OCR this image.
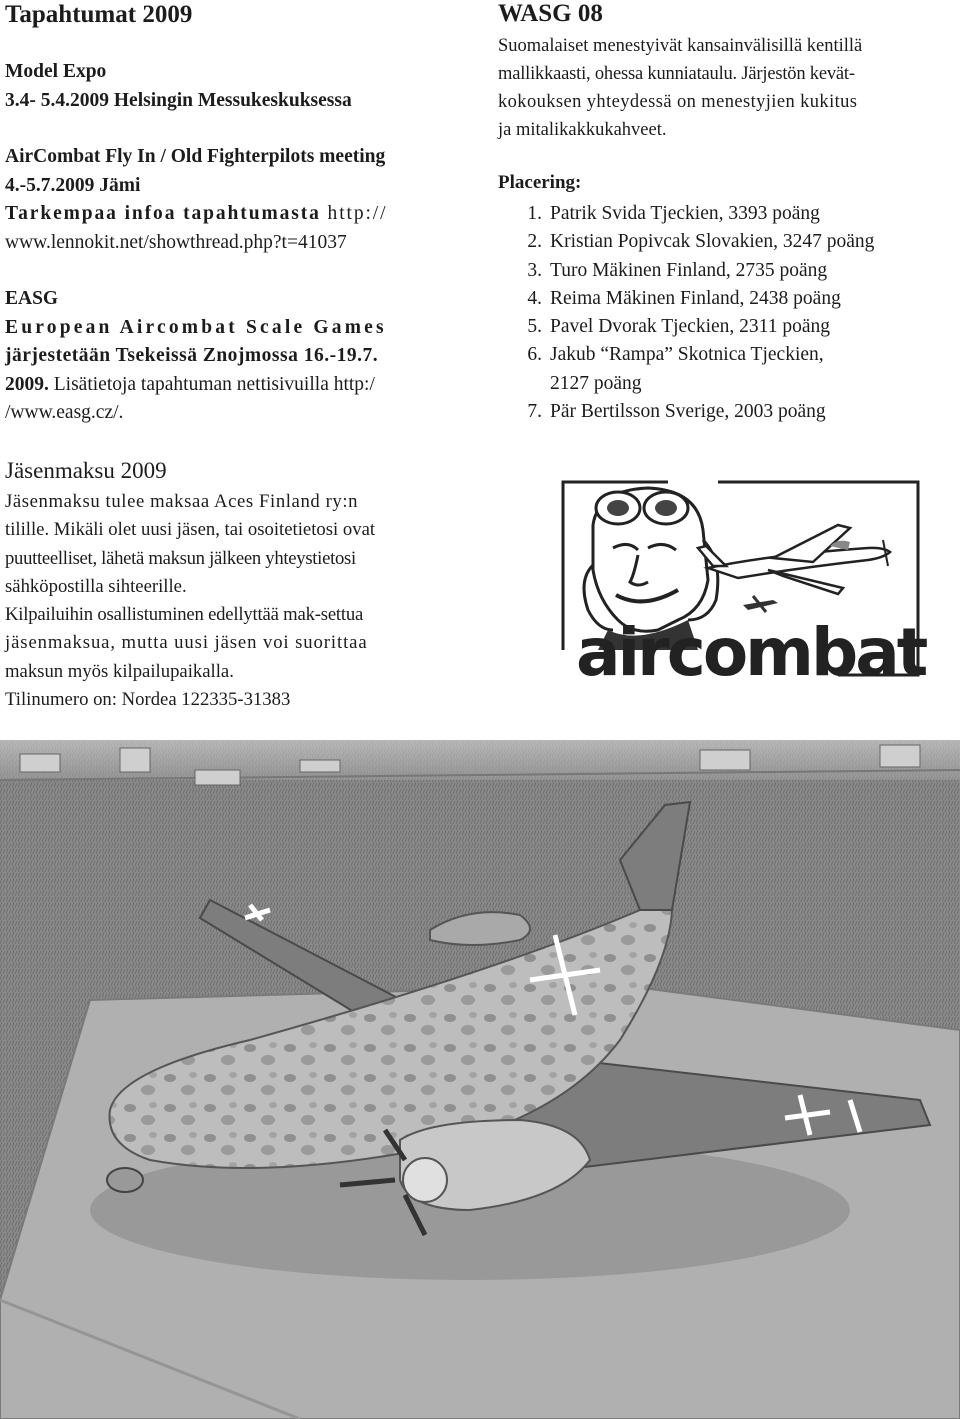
Tapahtumat 2009

Model Expo

3.4- 5.4.2009 Helsingin Messukeskuksessa

AirCombat Fly In / Old Fighterpilots meeting

4.-5.7.2009 Jämi

Tarkempaa infoa tapahtumasta http://

www.lennokit.net/showthread.php?t=41037

EASG

European Aircombat Scale Games

järjestetään Tsekeissä Znojmossa 16.-19.7.

2009. Lisätietoja tapahtuman nettisivuilla http:/

/www.easg.cz/.

Jäsenmaksu 2009

Jäsenmaksu tulee maksaa Aces Finland ry:n

tilille. Mikäli olet uusi jäsen, tai osoitetietosi ovat

puutteelliset, lähetä maksun jälkeen yhteystietosi

sähköpostilla sihteerille.

Kilpailuihin osallistuminen edellyttää mak-settua

jäsenmaksua, mutta uusi jäsen voi suorittaa

maksun myös kilpailupaikalla.

Tilinumero on: Nordea 122335-31383

WASG 08
Suomalaiset menestyivät kansainvälisillä kentillä
mallikkaasti, ohessa kunniataulu. Järjestön kevät-
kokouksen yhteydessä on menestyjien kukitus
ja mitalikakkukahveet.

Placering:

1. Patrik Svida Tjeckien, 3393 poäng
2. Kristian Popivcak Slovakien, 3247 poäng
3. Turo Mäkinen Finland, 2735 poäng
4. Reima Mäkinen Finland, 2438 poäng
5. Pavel Dvorak Tjeckien, 2311 poäng
6. Jakub “Rampa” Skotnica Tjeckien,
2127 poäng
7. Pär Bertilsson Sverige, 2003 poäng
aircombat
